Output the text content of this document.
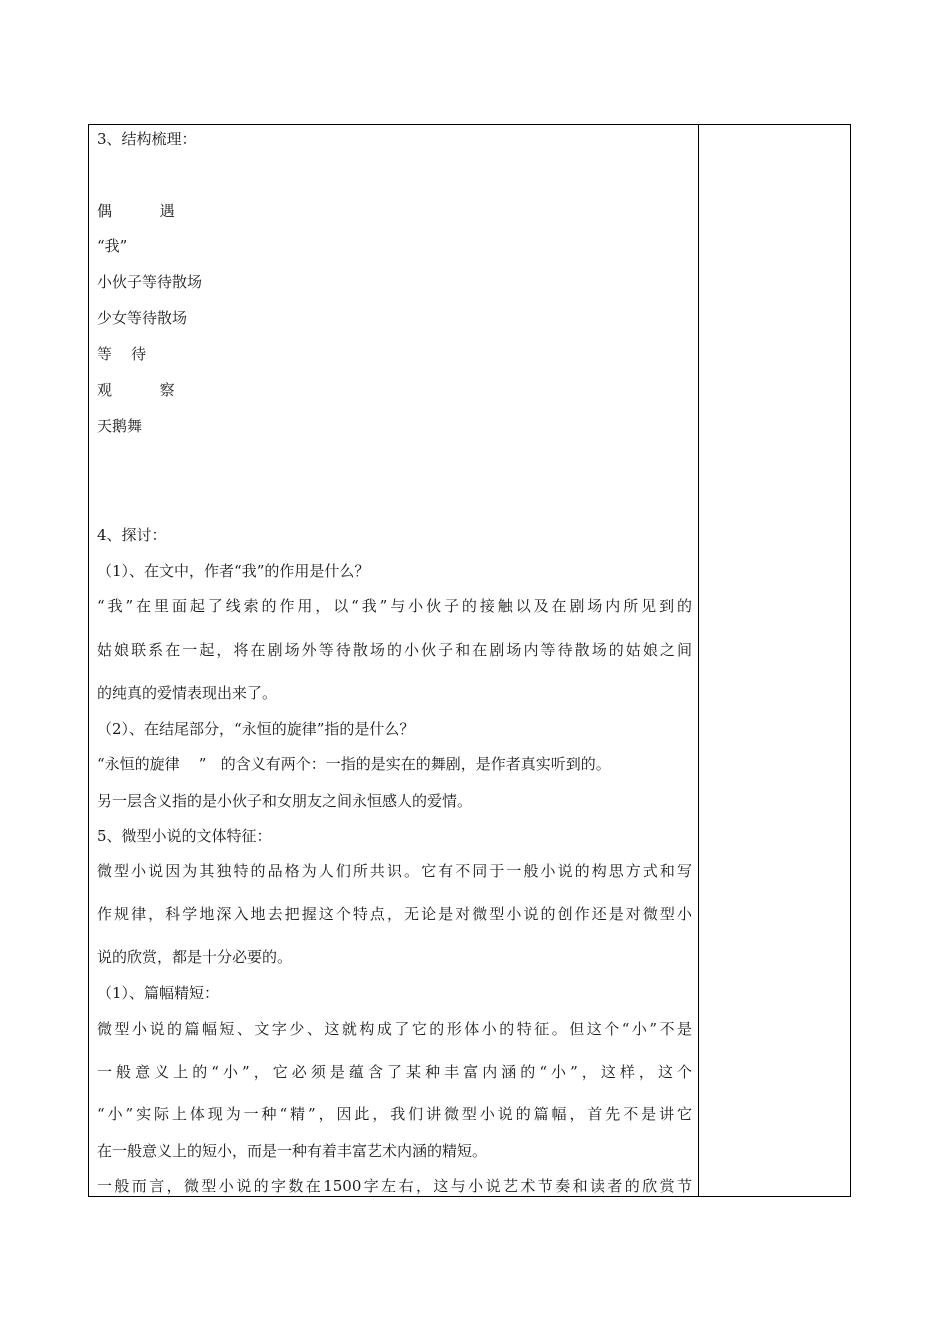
3、结构梳理：
偶          遇
“我”
小伙子等待散场
少女等待散场
等    待
观          察
天鹅舞
4、探讨：
（1）、在文中，作者“我”的作用是什么？
“我”在里面起了线索的作用，以“我”与小伙子的接触以及在剧场内所见到的
姑娘联系在一起，将在剧场外等待散场的小伙子和在剧场内等待散场的姑娘之间
的纯真的爱情表现出来了。
（2）、在结尾部分，“永恒的旋律”指的是什么？
“永恒的旋律    ”   的含义有两个：一指的是实在的舞剧，是作者真实听到的。
另一层含义指的是小伙子和女朋友之间永恒感人的爱情。
5、微型小说的文体特征：
微型小说因为其独特的品格为人们所共识。它有不同于一般小说的构思方式和写
作规律，科学地深入地去把握这个特点，无论是对微型小说的创作还是对微型小
说的欣赏，都是十分必要的。
（1）、篇幅精短：
微型小说的篇幅短、文字少、这就构成了它的形体小的特征。但这个“小”不是
一般意义上的“小”，它必须是蕴含了某种丰富内涵的“小”，这样，这个
“小”实际上体现为一种“精”，因此，我们讲微型小说的篇幅，首先不是讲它
在一般意义上的短小，而是一种有着丰富艺术内涵的精短。
一般而言，微型小说的字数在1500字左右，这与小说艺术节奏和读者的欣赏节
